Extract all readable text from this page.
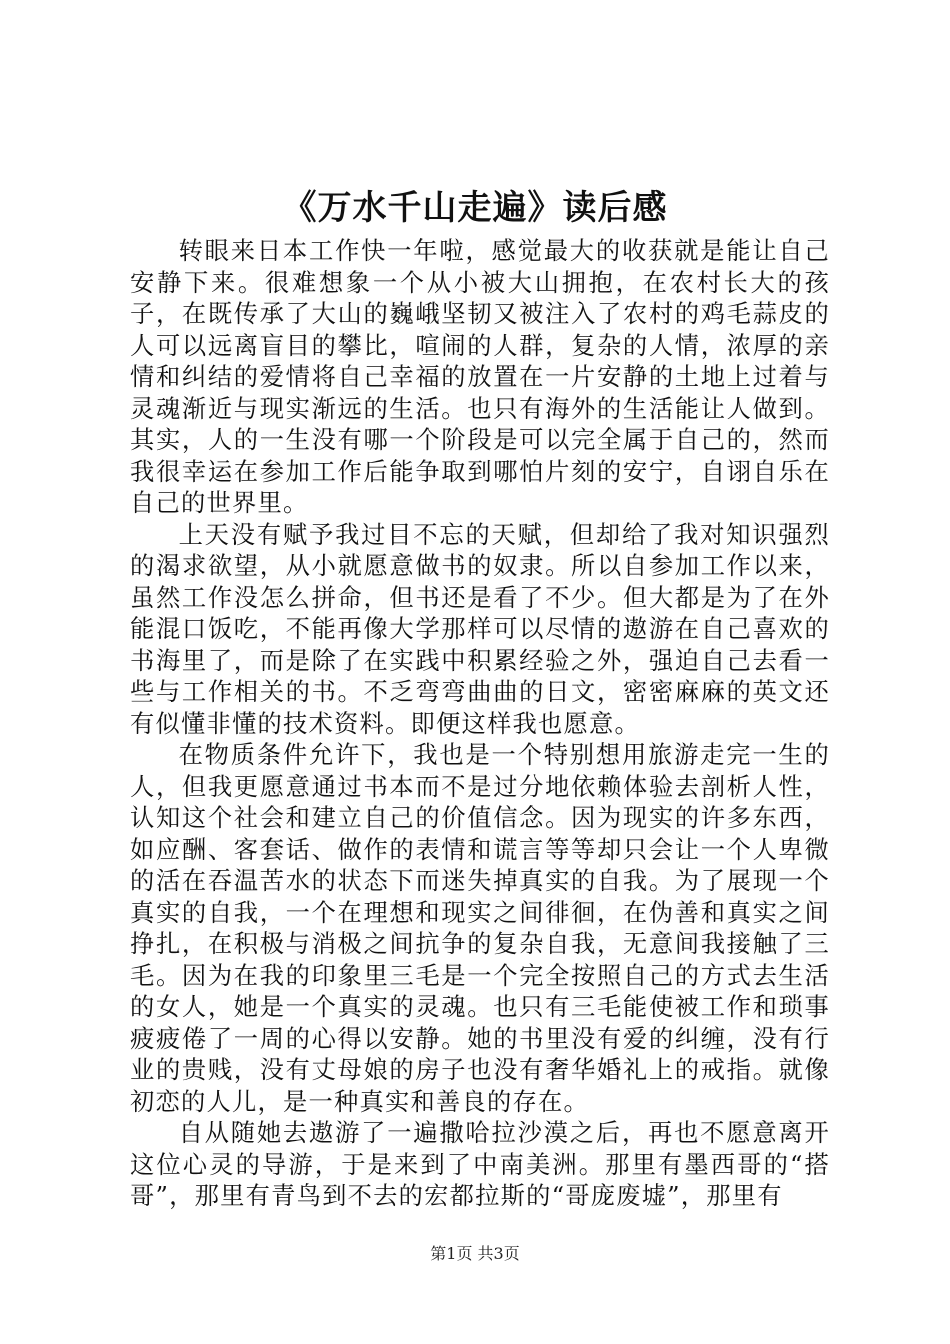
《万水千山走遍》读后感

转眼来日本工作快一年啦，感觉最大的收获就是能让自己安静下来。很难想象一个从小被大山拥抱，在农村长大的孩子，在既传承了大山的巍峨坚韧又被注入了农村的鸡毛蒜皮的人可以远离盲目的攀比，喧闹的人群，复杂的人情，浓厚的亲情和纠结的爱情将自己幸福的放置在一片安静的土地上过着与灵魂渐近与现实渐远的生活。也只有海外的生活能让人做到。其实，人的一生没有哪一个阶段是可以完全属于自己的，然而我很幸运在参加工作后能争取到哪怕片刻的安宁，自诩自乐在自己的世界里。

上天没有赋予我过目不忘的天赋，但却给了我对知识强烈的渴求欲望，从小就愿意做书的奴隶。所以自参加工作以来，虽然工作没怎么拼命，但书还是看了不少。但大都是为了在外能混口饭吃，不能再像大学那样可以尽情的遨游在自己喜欢的书海里了，而是除了在实践中积累经验之外，强迫自己去看一些与工作相关的书。不乏弯弯曲曲的日文，密密麻麻的英文还有似懂非懂的技术资料。即便这样我也愿意。

在物质条件允许下，我也是一个特别想用旅游走完一生的人，但我更愿意通过书本而不是过分地依赖体验去剖析人性，认知这个社会和建立自己的价值信念。因为现实的许多东西，如应酬、客套话、做作的表情和谎言等等却只会让一个人卑微的活在吞温苦水的状态下而迷失掉真实的自我。为了展现一个真实的自我，一个在理想和现实之间徘徊，在伪善和真实之间挣扎，在积极与消极之间抗争的复杂自我，无意间我接触了三毛。因为在我的印象里三毛是一个完全按照自己的方式去生活的女人，她是一个真实的灵魂。也只有三毛能使被工作和琐事疲疲倦了一周的心得以安静。她的书里没有爱的纠缠，没有行业的贵贱，没有丈母娘的房子也没有奢华婚礼上的戒指。就像初恋的人儿，是一种真实和善良的存在。

自从随她去遨游了一遍撒哈拉沙漠之后，再也不愿意离开这位心灵的导游，于是来到了中南美洲。那里有墨西哥的“搭哥”，那里有青鸟到不去的宏都拉斯的“哥庞废墟”，那里有

第1页 共3页
